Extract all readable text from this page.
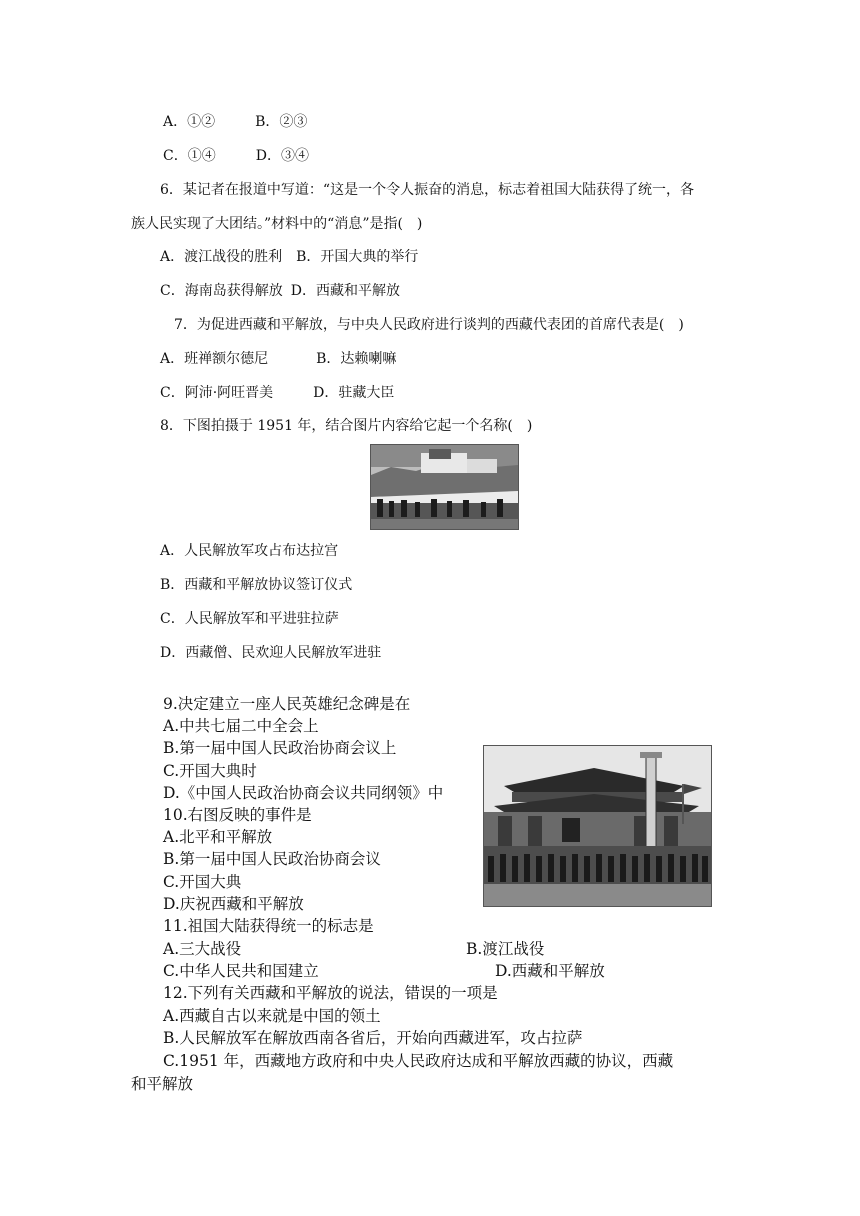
A．①②	B．②③
C．①④	D．③④
6．某记者在报道中写道：“这是一个令人振奋的消息，标志着祖国大陆获得了统一，各
族人民实现了大团结。”材料中的“消息”是指(　)
A．渡江战役的胜利 B．开国大典的举行
C．海南岛获得解放 D．西藏和平解放
7．为促进西藏和平解放，与中央人民政府进行谈判的西藏代表团的首席代表是(　)
A．班禅额尔德尼	B．达赖喇嘛
C．阿沛·阿旺晋美	D．驻藏大臣
8．下图拍摄于 1951 年，结合图片内容给它起一个名称(　)
A．人民解放军攻占布达拉宫
B．西藏和平解放协议签订仪式
C．人民解放军和平进驻拉萨
D．西藏僧、民欢迎人民解放军进驻
9.决定建立一座人民英雄纪念碑是在
A.中共七届二中全会上
B.第一届中国人民政治协商会议上
C.开国大典时
D.《中国人民政治协商会议共同纲领》中
10.右图反映的事件是
A.北平和平解放
B.第一届中国人民政治协商会议
C.开国大典
D.庆祝西藏和平解放
11.祖国大陆获得统一的标志是
A.三大战役	B.渡江战役
C.中华人民共和国建立	D.西藏和平解放
12.下列有关西藏和平解放的说法，错误的一项是
A.西藏自古以来就是中国的领土
B.人民解放军在解放西南各省后，开始向西藏进军，攻占拉萨
C.1951 年，西藏地方政府和中央人民政府达成和平解放西藏的协议，西藏
和平解放
